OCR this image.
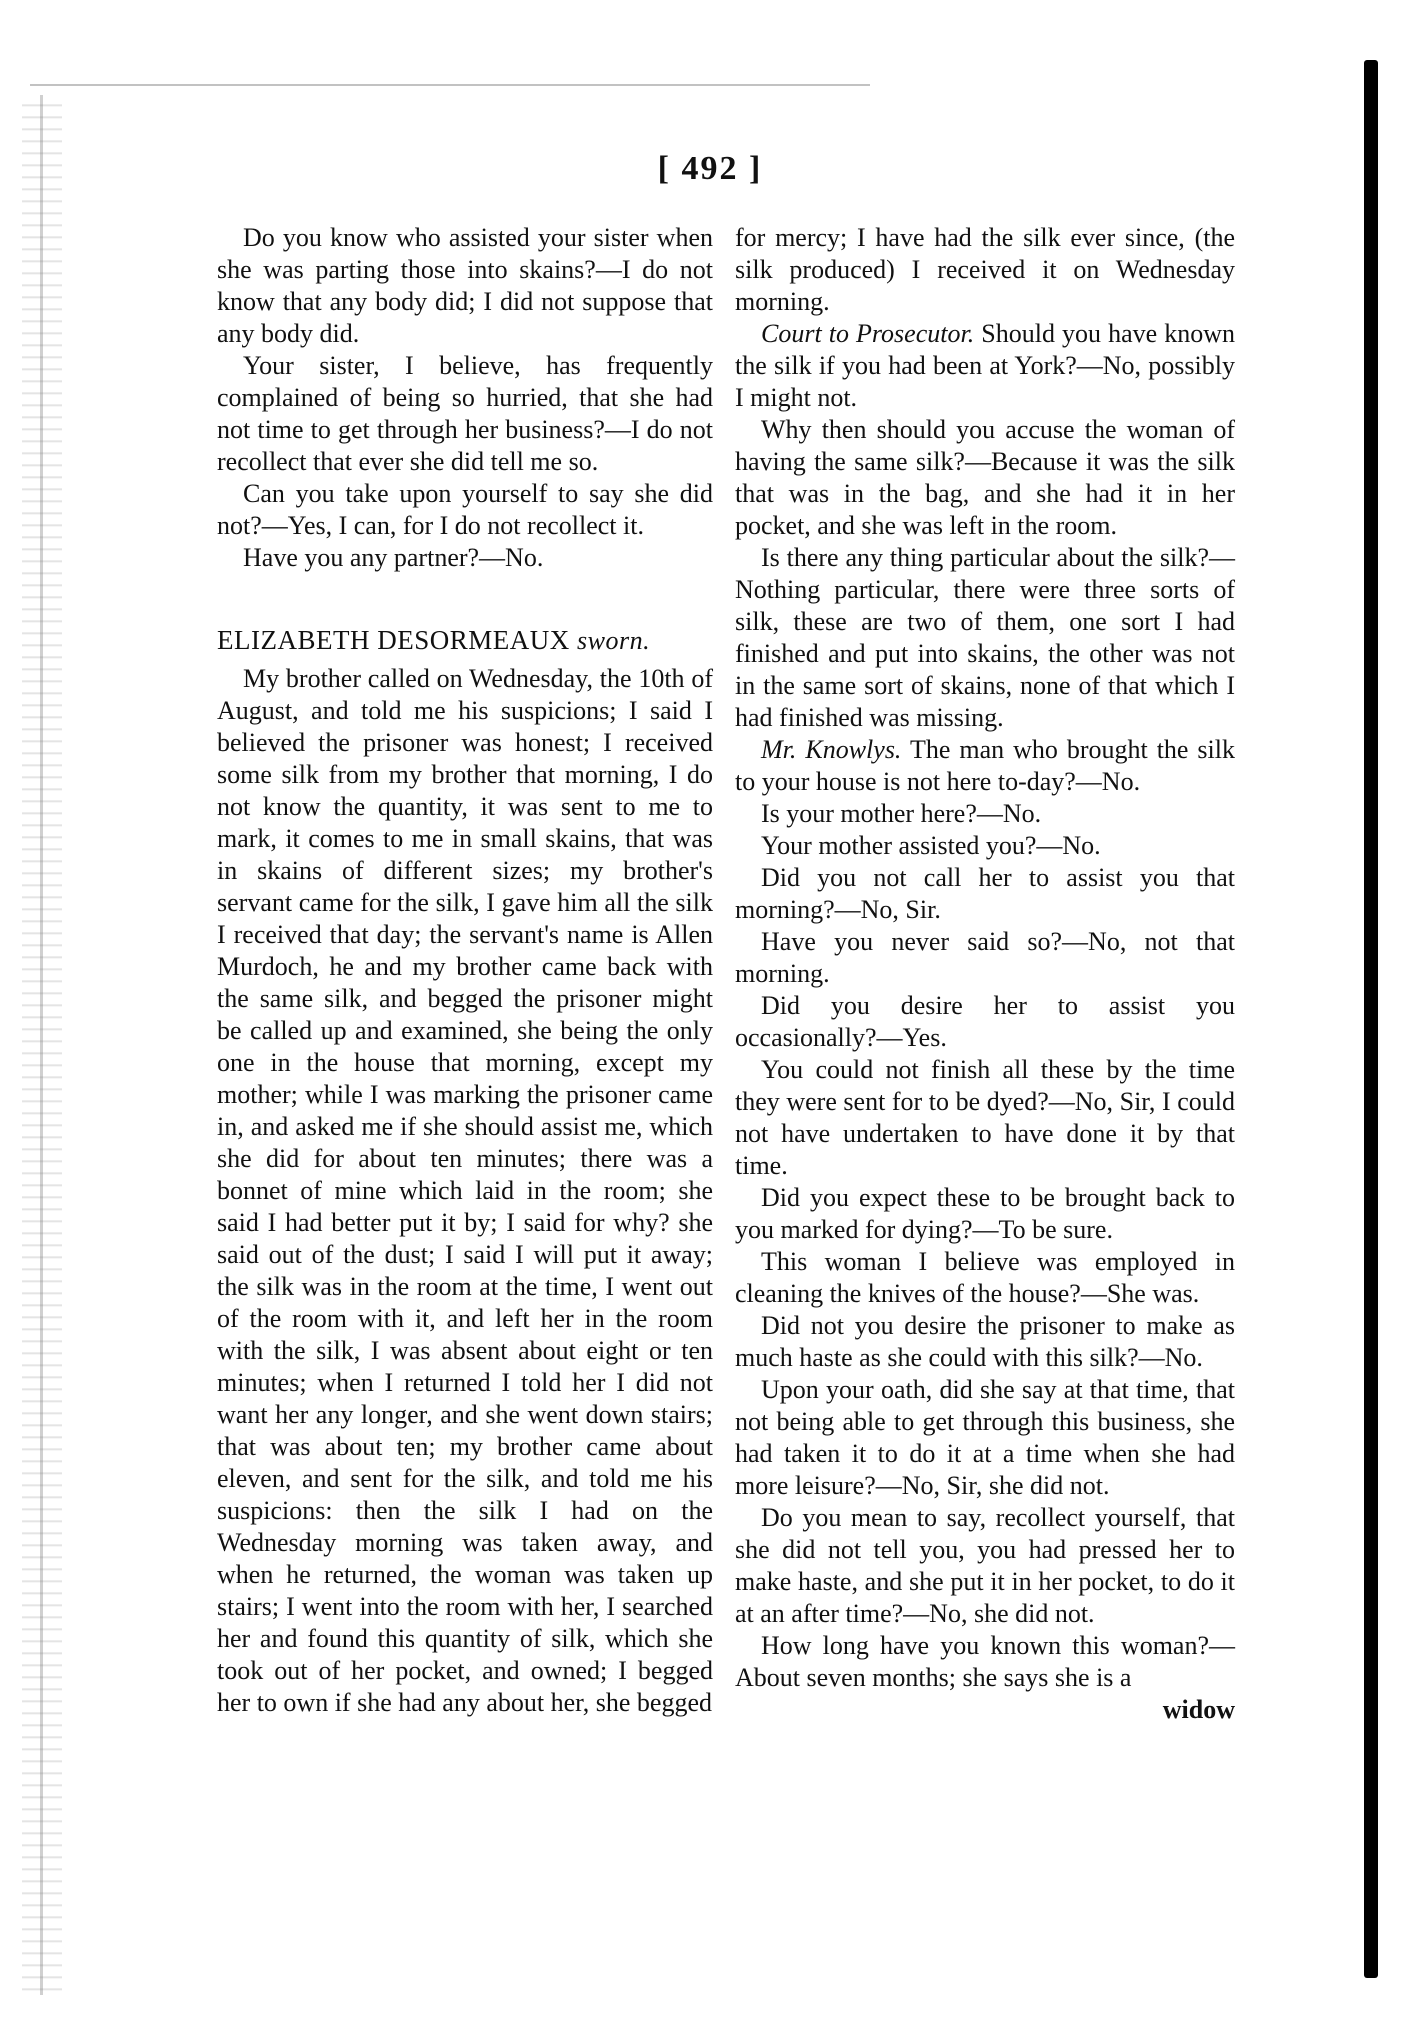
[ 492 ]

Do you know who assisted your sister when she was parting those into skains?—I do not know that any body did; I did not suppose that any body did.

Your sister, I believe, has frequently complained of being so hurried, that she had not time to get through her business?—I do not recollect that ever she did tell me so.

Can you take upon yourself to say she did not?—Yes, I can, for I do not recollect it.

Have you any partner?—No.

ELIZABETH DESORMEAUX sworn.

My brother called on Wednesday, the 10th of August, and told me his suspicions; I said I believed the prisoner was honest; I received some silk from my brother that morning, I do not know the quantity, it was sent to me to mark, it comes to me in small skains, that was in skains of different sizes; my brother's servant came for the silk, I gave him all the silk I received that day; the servant's name is Allen Murdoch, he and my brother came back with the same silk, and begged the prisoner might be called up and examined, she being the only one in the house that morning, except my mother; while I was marking the prisoner came in, and asked me if she should assist me, which she did for about ten minutes; there was a bonnet of mine which laid in the room; she said I had better put it by; I said for why? she said out of the dust; I said I will put it away; the silk was in the room at the time, I went out of the room with it, and left her in the room with the silk, I was absent about eight or ten minutes; when I returned I told her I did not want her any longer, and she went down stairs; that was about ten; my brother came about eleven, and sent for the silk, and told me his suspicions: then the silk I had on the Wednesday morning was taken away, and when he returned, the woman was taken up stairs; I went into the room with her, I searched her and found this quantity of silk, which she took out of her pocket, and owned; I begged her to own if she had any about her, she begged

for mercy; I have had the silk ever since, (the silk produced) I received it on Wednesday morning.

Court to Prosecutor. Should you have known the silk if you had been at York?—No, possibly I might not.

Why then should you accuse the woman of having the same silk?—Because it was the silk that was in the bag, and she had it in her pocket, and she was left in the room.

Is there any thing particular about the silk?—Nothing particular, there were three sorts of silk, these are two of them, one sort I had finished and put into skains, the other was not in the same sort of skains, none of that which I had finished was missing.

Mr. Knowlys. The man who brought the silk to your house is not here to-day?—No.

Is your mother here?—No.

Your mother assisted you?—No.

Did you not call her to assist you that morning?—No, Sir.

Have you never said so?—No, not that morning.

Did you desire her to assist you occasionally?—Yes.

You could not finish all these by the time they were sent for to be dyed?—No, Sir, I could not have undertaken to have done it by that time.

Did you expect these to be brought back to you marked for dying?—To be sure.

This woman I believe was employed in cleaning the knives of the house?—She was.

Did not you desire the prisoner to make as much haste as she could with this silk?—No.

Upon your oath, did she say at that time, that not being able to get through this business, she had taken it to do it at a time when she had more leisure?—No, Sir, she did not.

Do you mean to say, recollect yourself, that she did not tell you, you had pressed her to make haste, and she put it in her pocket, to do it at an after time?—No, she did not.

How long have you known this woman?—About seven months; she says she is a

widow
